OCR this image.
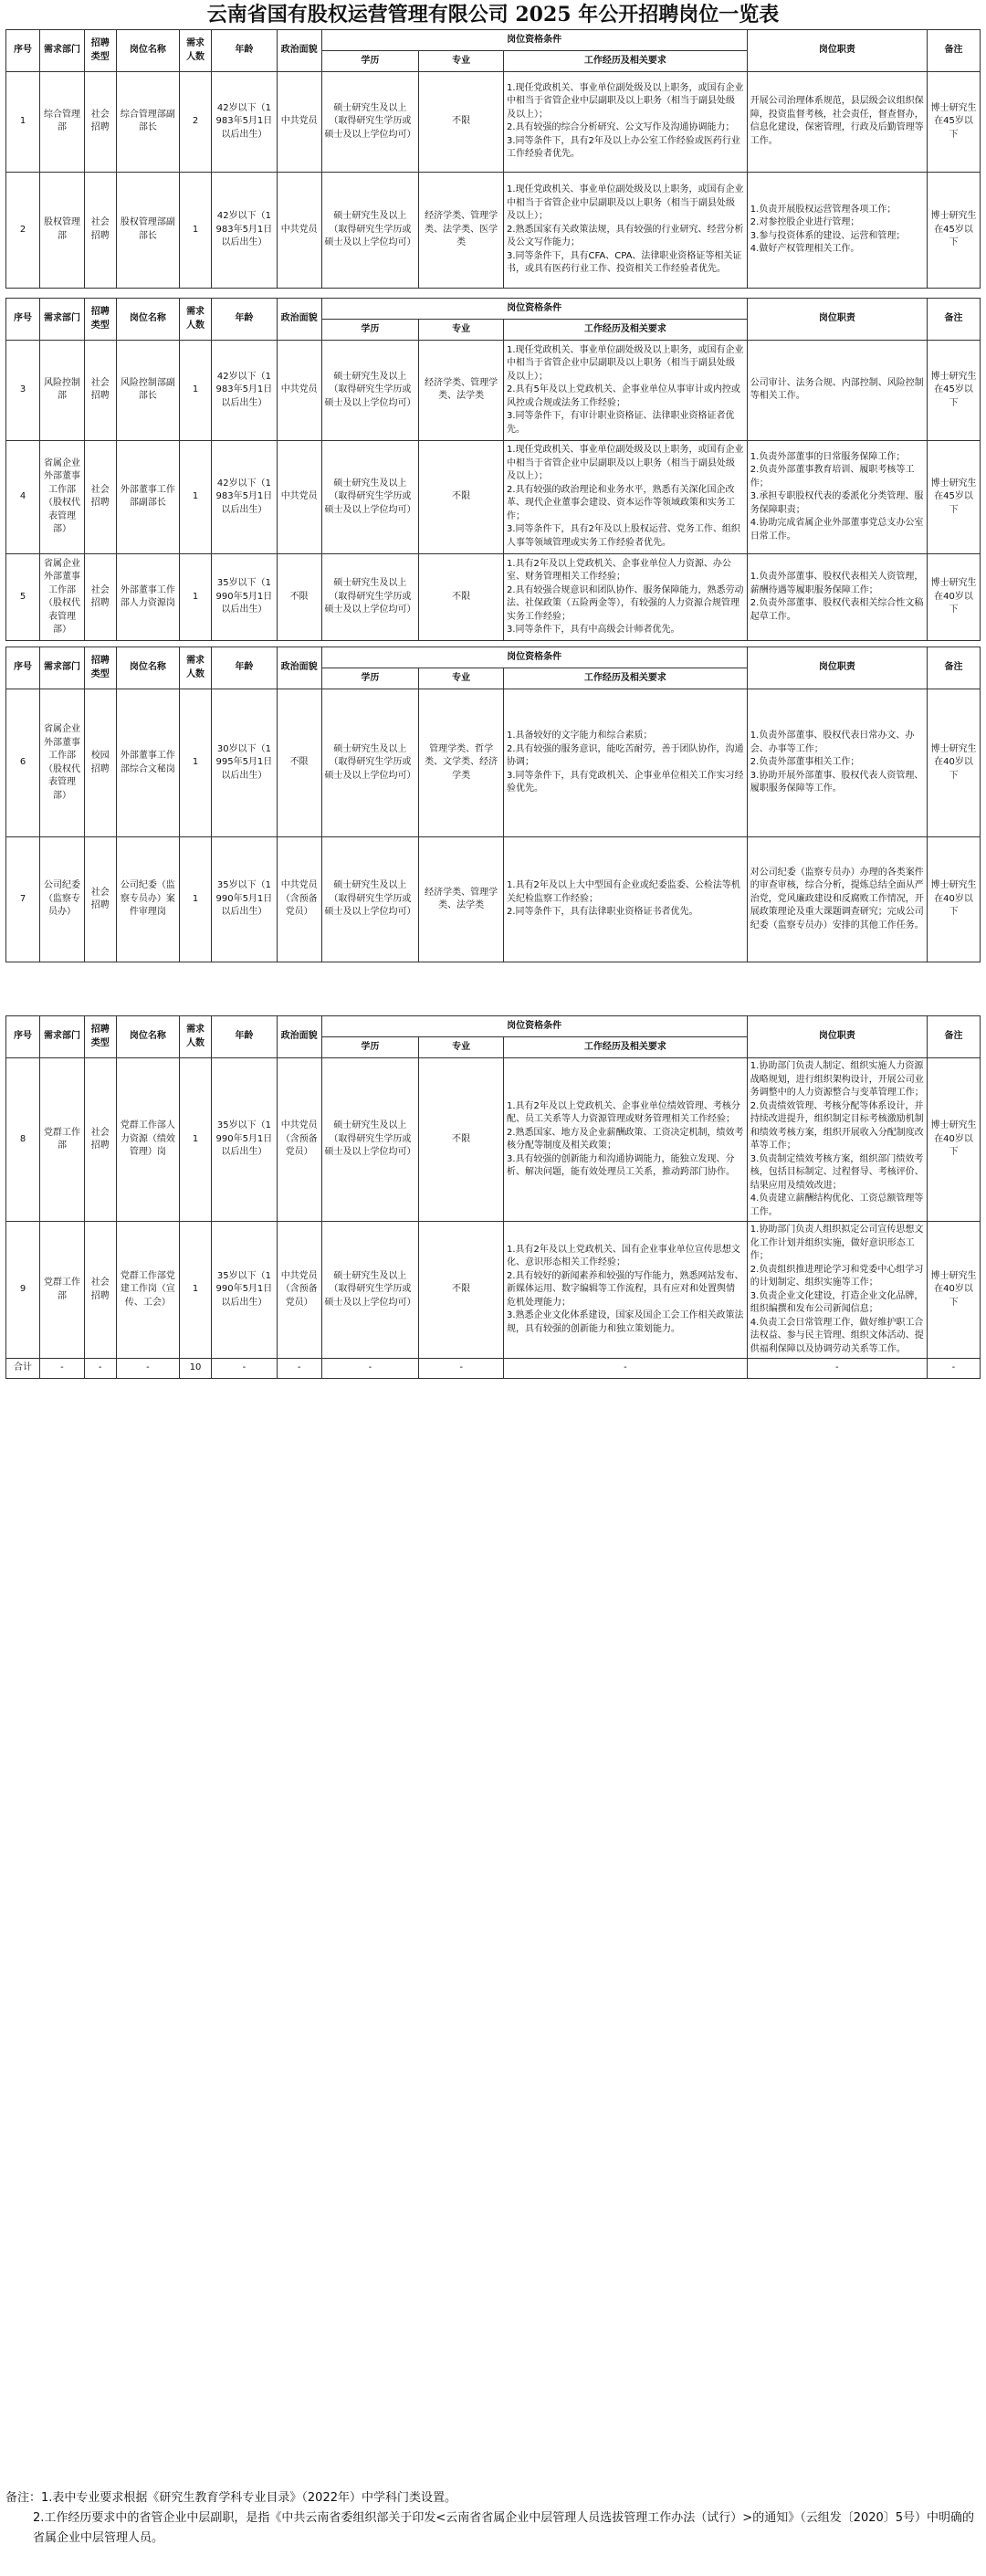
云南省国有股权运营管理有限公司 2025 年公开招聘岗位一览表
序号	需求部门	招聘类型	岗位名称	需求人数	年龄	政治面貌	岗位资格条件			岗位职责	备注
							学历	专业	工作经历及相关要求		
1	综合管理部	社会招聘	综合管理部副部长	2	42岁以下（1983年5月1日以后出生）	中共党员	硕士研究生及以上（取得研究生学历或硕士及以上学位均可）	不限	1.现任党政机关、事业单位副处级及以上职务，或国有企业中相当于省管企业中层副职及以上职务（相当于副县处级及以上）；
2.具有较强的综合分析研究、公文写作及沟通协调能力；
3.同等条件下，具有2年及以上办公室工作经验或医药行业工作经验者优先。	开展公司治理体系规范，县层级会议组织保障，投资监督考核，社会责任，督查督办，信息化建设，保密管理，行政及后勤管理等工作。	博士研究生在45岁以下
2	股权管理部	社会招聘	股权管理部副部长	1	42岁以下（1983年5月1日以后出生）	中共党员	硕士研究生及以上（取得研究生学历或硕士及以上学位均可）	经济学类、管理学类、法学类、医学类	1.现任党政机关、事业单位副处级及以上职务，或国有企业中相当于省管企业中层副职及以上职务（相当于副县处级及以上）；
2.熟悉国家有关政策法规，具有较强的行业研究、经营分析及公文写作能力；
3.同等条件下，具有CFA、CPA、法律职业资格证等相关证书，或具有医药行业工作、投资相关工作经验者优先。	1.负责开展股权运营管理各项工作；
2.对参控股企业进行管理；
3.参与投资体系的建设、运营和管理；
4.做好产权管理相关工作。	博士研究生在45岁以下
序号	需求部门	招聘类型	岗位名称	需求人数	年龄	政治面貌	岗位资格条件			岗位职责	备注
							学历	专业	工作经历及相关要求		
3	风险控制部	社会招聘	风险控制部副部长	1	42岁以下（1983年5月1日以后出生）	中共党员	硕士研究生及以上（取得研究生学历或硕士及以上学位均可）	经济学类、管理学类、法学类	1.现任党政机关、事业单位副处级及以上职务，或国有企业中相当于省管企业中层副职及以上职务（相当于副县处级及以上）；
2.具有5年及以上党政机关、企事业单位从事审计或内控或风控或合规或法务工作经验；
3.同等条件下，有审计职业资格证、法律职业资格证者优先。	公司审计、法务合规、内部控制、风险控制等相关工作。	博士研究生在45岁以下
4	省属企业外部董事工作部（股权代表管理部）	社会招聘	外部董事工作部副部长	1	42岁以下（1983年5月1日以后出生）	中共党员	硕士研究生及以上（取得研究生学历或硕士及以上学位均可）	不限	1.现任党政机关、事业单位副处级及以上职务，或国有企业中相当于省管企业中层副职及以上职务（相当于副县处级及以上）；
2.具有较强的政治理论和业务水平，熟悉有关深化国企改革、现代企业董事会建设、资本运作等领域政策和实务工作；
3.同等条件下，具有2年及以上股权运营、党务工作、组织人事等领域管理或实务工作经验者优先。	1.负责外部董事的日常服务保障工作；
2.负责外部董事教育培训、履职考核等工作；
3.承担专职股权代表的委派化分类管理、服务保障职责；
4.协助完成省属企业外部董事党总支办公室日常工作。	博士研究生在45岁以下
5	省属企业外部董事工作部（股权代表管理部）	社会招聘	外部董事工作部人力资源岗	1	35岁以下（1990年5月1日以后出生）	不限	硕士研究生及以上（取得研究生学历或硕士及以上学位均可）	不限	1.具有2年及以上党政机关、企事业单位人力资源、办公室、财务管理相关工作经验；
2.具有较强合规意识和团队协作、服务保障能力，熟悉劳动法、社保政策（五险两金等），有较强的人力资源合规管理实务工作经验；
3.同等条件下，具有中高级会计师者优先。	1.负责外部董事、股权代表相关人资管理，薪酬待遇等履职服务保障工作；
2.负责外部董事、股权代表相关综合性文稿起草工作。	博士研究生在40岁以下
序号	需求部门	招聘类型	岗位名称	需求人数	年龄	政治面貌	岗位资格条件			岗位职责	备注
							学历	专业	工作经历及相关要求		
6	省属企业外部董事工作部（股权代表管理部）	校园招聘	外部董事工作部综合文秘岗	1	30岁以下（1995年5月1日以后出生）	不限	硕士研究生及以上（取得研究生学历或硕士及以上学位均可）	管理学类、哲学类、文学类、经济学类	1.具备较好的文字能力和综合素质；
2.具有较强的服务意识，能吃苦耐劳，善于团队协作，沟通协调；
3.同等条件下，具有党政机关、企事业单位相关工作实习经验优先。	1.负责外部董事、股权代表日常办文、办会、办事等工作；
2.负责外部董事相关工作；
3.协助开展外部董事、股权代表人资管理、履职服务保障等工作。	博士研究生在40岁以下
7	公司纪委（监察专员办）	社会招聘	公司纪委（监察专员办）案件审理岗	1	35岁以下（1990年5月1日以后出生）	中共党员（含预备党员）	硕士研究生及以上（取得研究生学历或硕士及以上学位均可）	经济学类、管理学类、法学类	1.具有2年及以上大中型国有企业或纪委监委、公检法等机关纪检监察工作经验；
2.同等条件下，具有法律职业资格证书者优先。	对公司纪委（监察专员办）办理的各类案件的审查审核，综合分析，提炼总结全面从严治党，党风廉政建设和反腐败工作情况，开展政策理论及重大课题调查研究；完成公司纪委（监察专员办）安排的其他工作任务。	博士研究生在40岁以下
序号	需求部门	招聘类型	岗位名称	需求人数	年龄	政治面貌	岗位资格条件			岗位职责	备注
							学历	专业	工作经历及相关要求		
8	党群工作部	社会招聘	党群工作部人力资源（绩效管理）岗	1	35岁以下（1990年5月1日以后出生）	中共党员（含预备党员）	硕士研究生及以上（取得研究生学历或硕士及以上学位均可）	不限	1.具有2年及以上党政机关、企事业单位绩效管理、考核分配、员工关系等人力资源管理或财务管理相关工作经验；
2.熟悉国家、地方及企业薪酬政策、工资决定机制，绩效考核分配等制度及相关政策；
3.具有较强的创新能力和沟通协调能力，能独立发现、分析、解决问题，能有效处理员工关系，推动跨部门协作。	1.协助部门负责人制定、组织实施人力资源战略规划，进行组织架构设计，开展公司业务调整中的人力资源整合与变革管理工作；
2.负责绩效管理、考核分配等体系设计，并持续改进提升，组织制定目标考核激励机制和绩效考核方案，组织开展收入分配制度改革等工作；
3.负责制定绩效考核方案，组织部门绩效考核，包括目标制定、过程督导、考核评价、结果应用及绩效改进；
4.负责建立薪酬结构优化、工资总额管理等工作。	博士研究生在40岁以下
9	党群工作部	社会招聘	党群工作部党建工作岗（宣传、工会）	1	35岁以下（1990年5月1日以后出生）	中共党员（含预备党员）	硕士研究生及以上（取得研究生学历或硕士及以上学位均可）	不限	1.具有2年及以上党政机关、国有企业事业单位宣传思想文化、意识形态相关工作经验；
2.具有较好的新闻素养和较强的写作能力，熟悉网站发布、新媒体运用、数字编辑等工作流程，具有应对和处置舆情危机处理能力；
3.熟悉企业文化体系建设，国家及国企工会工作相关政策法规，具有较强的创新能力和独立策划能力。	1.协助部门负责人组织拟定公司宣传思想文化工作计划并组织实施，做好意识形态工作；
2.负责组织推进理论学习和党委中心组学习的计划制定、组织实施等工作；
3.负责企业文化建设，打造企业文化品牌，组织编撰和发布公司新闻信息；
4.负责工会日常管理工作，做好维护职工合法权益、参与民主管理、组织文体活动、提供福利保障以及协调劳动关系等工作。	博士研究生在40岁以下
合计	-	-	-	10	-	-	-	-	-	-	-
备注：1.表中专业要求根据《研究生教育学科专业目录》（2022年）中学科门类设置。
2.工作经历要求中的省管企业中层副职，是指《中共云南省委组织部关于印发<云南省省属企业中层管理人员选拔管理工作办法（试行）>的通知》（云组发〔2020〕5号）中明确的省属企业中层管理人员。
